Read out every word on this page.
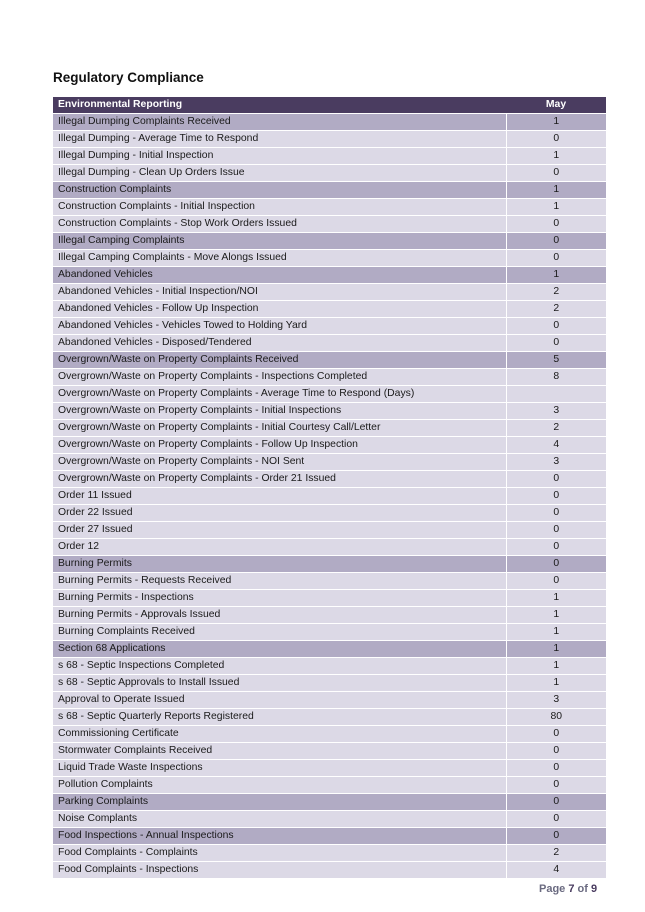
Regulatory Compliance
Environmental Reporting	May
Illegal Dumping Complaints Received	1
Illegal Dumping - Average Time to Respond	0
Illegal Dumping - Initial Inspection	1
Illegal Dumping - Clean Up Orders Issue	0
Construction Complaints	1
Construction Complaints - Initial Inspection	1
Construction Complaints - Stop Work Orders Issued	0
Illegal Camping Complaints	0
Illegal Camping Complaints - Move Alongs Issued	0
Abandoned Vehicles	1
Abandoned Vehicles - Initial Inspection/NOI	2
Abandoned Vehicles - Follow Up Inspection	2
Abandoned Vehicles - Vehicles Towed to Holding Yard	0
Abandoned Vehicles - Disposed/Tendered	0
Overgrown/Waste on Property Complaints Received	5
Overgrown/Waste on Property Complaints - Inspections Completed	8
Overgrown/Waste on Property Complaints - Average Time to Respond (Days)	
Overgrown/Waste on Property Complaints - Initial Inspections	3
Overgrown/Waste on Property Complaints - Initial Courtesy Call/Letter	2
Overgrown/Waste on Property Complaints - Follow Up Inspection	4
Overgrown/Waste on Property Complaints - NOI Sent	3
Overgrown/Waste on Property Complaints - Order 21 Issued	0
Order 11 Issued	0
Order 22 Issued	0
Order 27 Issued	0
Order 12	0
Burning Permits	0
Burning Permits - Requests Received	0
Burning Permits - Inspections	1
Burning Permits - Approvals Issued	1
Burning Complaints Received	1
Section 68 Applications	1
s 68 - Septic Inspections Completed	1
s 68 - Septic Approvals to Install Issued	1
Approval to Operate Issued	3
s 68 - Septic Quarterly Reports Registered	80
Commissioning Certificate	0
Stormwater Complaints Received	0
Liquid Trade Waste Inspections	0
Pollution Complaints	0
Parking Complaints	0
Noise Complants	0
Food Inspections - Annual Inspections	0
Food Complaints - Complaints	2
Food Complaints - Inspections	4
Page 7 of 9
